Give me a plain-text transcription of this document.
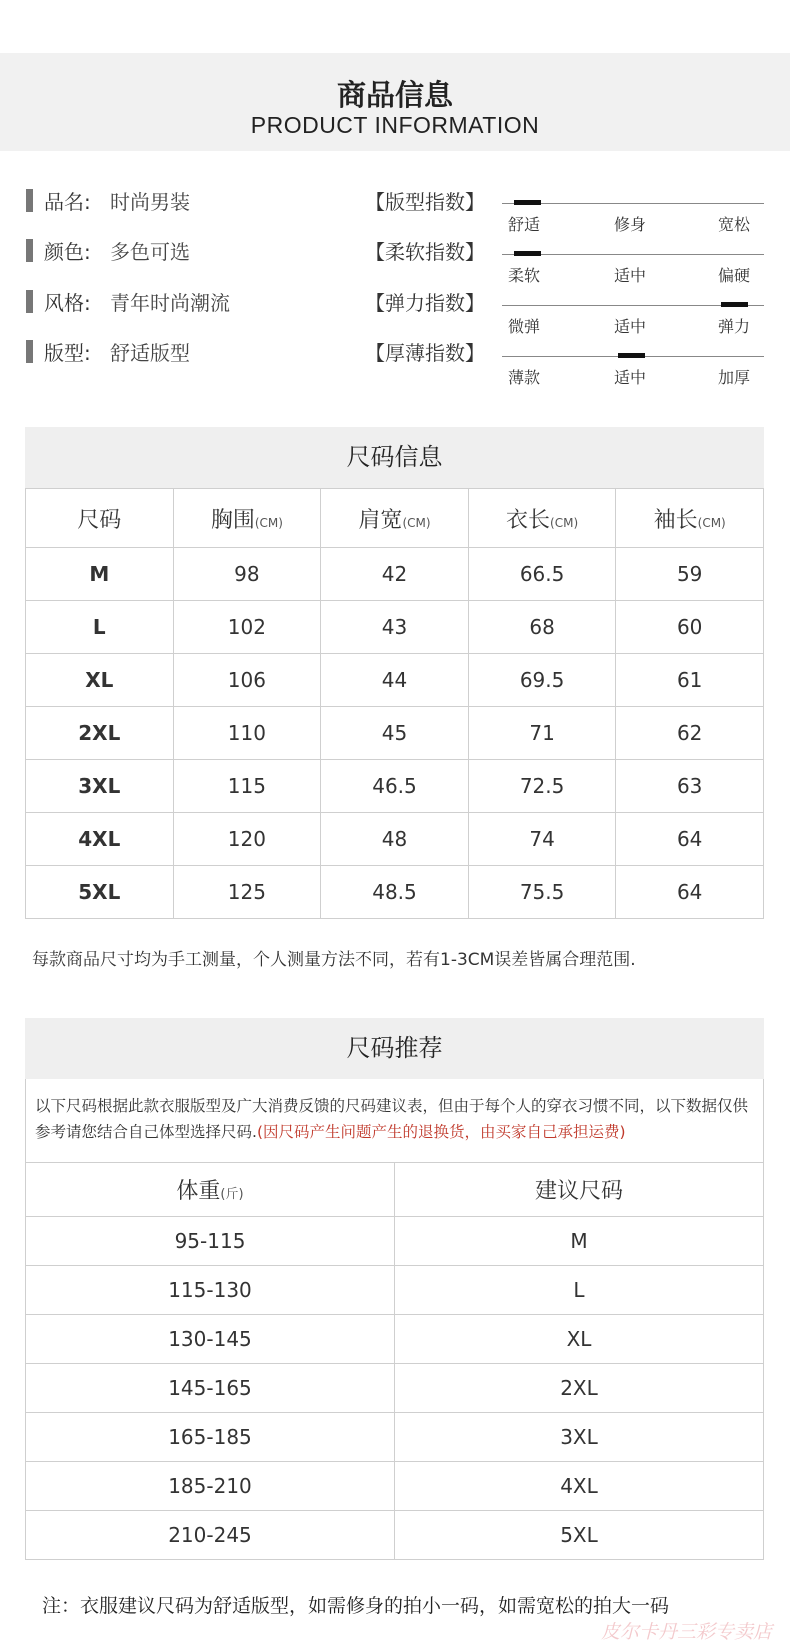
商品信息
PRODUCT INFORMATION
品名: 时尚男装
颜色: 多色可选
风格: 青年时尚潮流
版型: 舒适版型
【版型指数】
舒适	修身	宽松
【柔软指数】
柔软	适中	偏硬
【弹力指数】
微弹	适中	弹力
【厚薄指数】
薄款	适中	加厚
尺码信息
尺码	胸围(CM)	肩宽(CM)	衣长(CM)	袖长(CM)
M	98	42	66.5	59
L	102	43	68	60
XL	106	44	69.5	61
2XL	110	45	71	62
3XL	115	46.5	72.5	63
4XL	120	48	74	64
5XL	125	48.5	75.5	64
每款商品尺寸均为手工测量，个人测量方法不同，若有1-3CM误差皆属合理范围.
尺码推荐
以下尺码根据此款衣服版型及广大消费反馈的尺码建议表，但由于每个人的穿衣习惯不同，以下数据仅供参考请您结合自己体型选择尺码.(因尺码产生问题产生的退换货，由买家自己承担运费)
体重(斤)	建议尺码
95-115	M
115-130	L
130-145	XL
145-165	2XL
165-185	3XL
185-210	4XL
210-245	5XL
注：衣服建议尺码为舒适版型，如需修身的拍小一码，如需宽松的拍大一码
皮尔卡丹三彩专卖店
